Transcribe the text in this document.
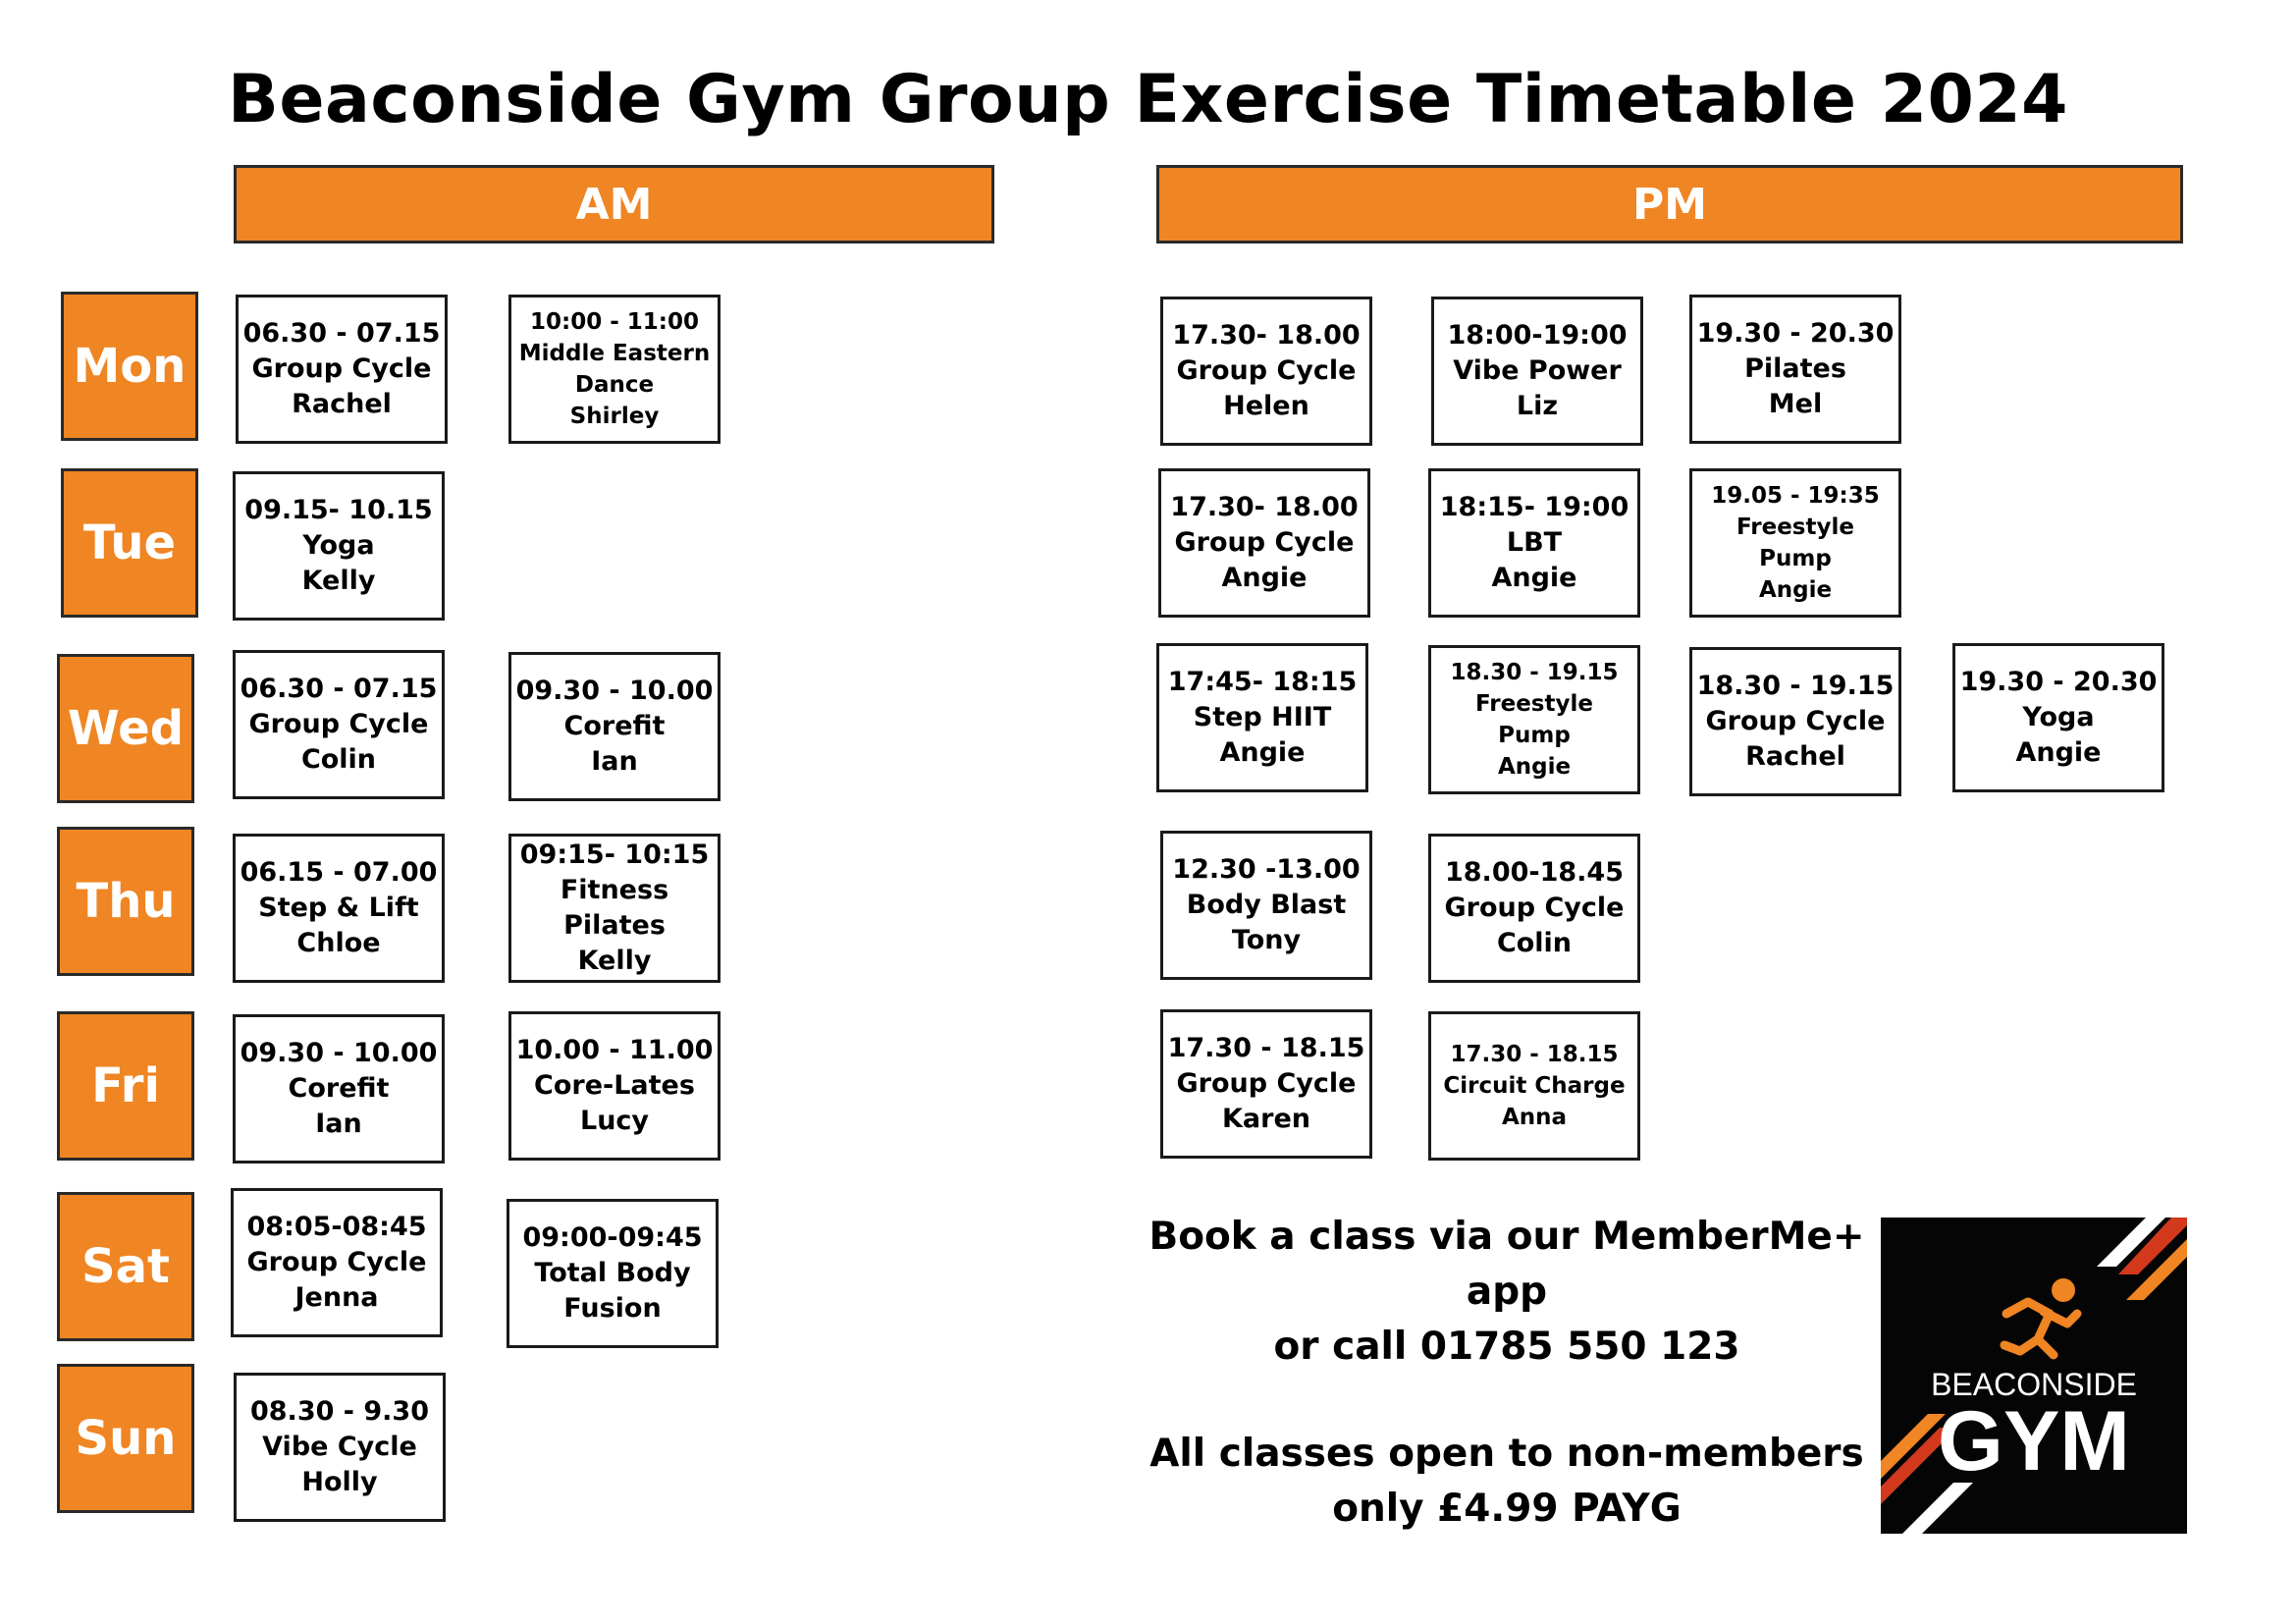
Beaconside Gym Group Exercise Timetable 2024
AM	PM
Mon
Tue
Wed
Thu
Fri
Sat
Sun
06.30 - 07.15
Group Cycle
Rachel
10:00 - 11:00
Middle Eastern
Dance
Shirley
09.15- 10.15
Yoga
Kelly
06.30 - 07.15
Group Cycle
Colin
09.30 - 10.00
Corefit
Ian
06.15 - 07.00
Step & Lift
Chloe
09:15- 10:15
Fitness
Pilates
Kelly
09.30 - 10.00
Corefit
Ian
10.00 - 11.00
Core-Lates
Lucy
08:05-08:45
Group Cycle
Jenna
09:00-09:45
Total Body
Fusion
08.30 - 9.30
Vibe Cycle
Holly
17.30- 18.00
Group Cycle
Helen
18:00-19:00
Vibe Power
Liz
19.30 - 20.30
Pilates
Mel
17.30- 18.00
Group Cycle
Angie
18:15- 19:00
LBT
Angie
19.05 - 19:35
Freestyle
Pump
Angie
17:45- 18:15
Step HIIT
Angie
18.30 - 19.15
Freestyle
Pump
Angie
18.30 - 19.15
Group Cycle
Rachel
19.30 - 20.30
Yoga
Angie
12.30 -13.00
Body Blast
Tony
18.00-18.45
Group Cycle
Colin
17.30 - 18.15
Group Cycle
Karen
17.30 - 18.15
Circuit Charge
Anna
Book a class via our MemberMe+
app
or call 01785 550 123
All classes open to non-members
only £4.99 PAYG
BEACONSIDE
GYM
